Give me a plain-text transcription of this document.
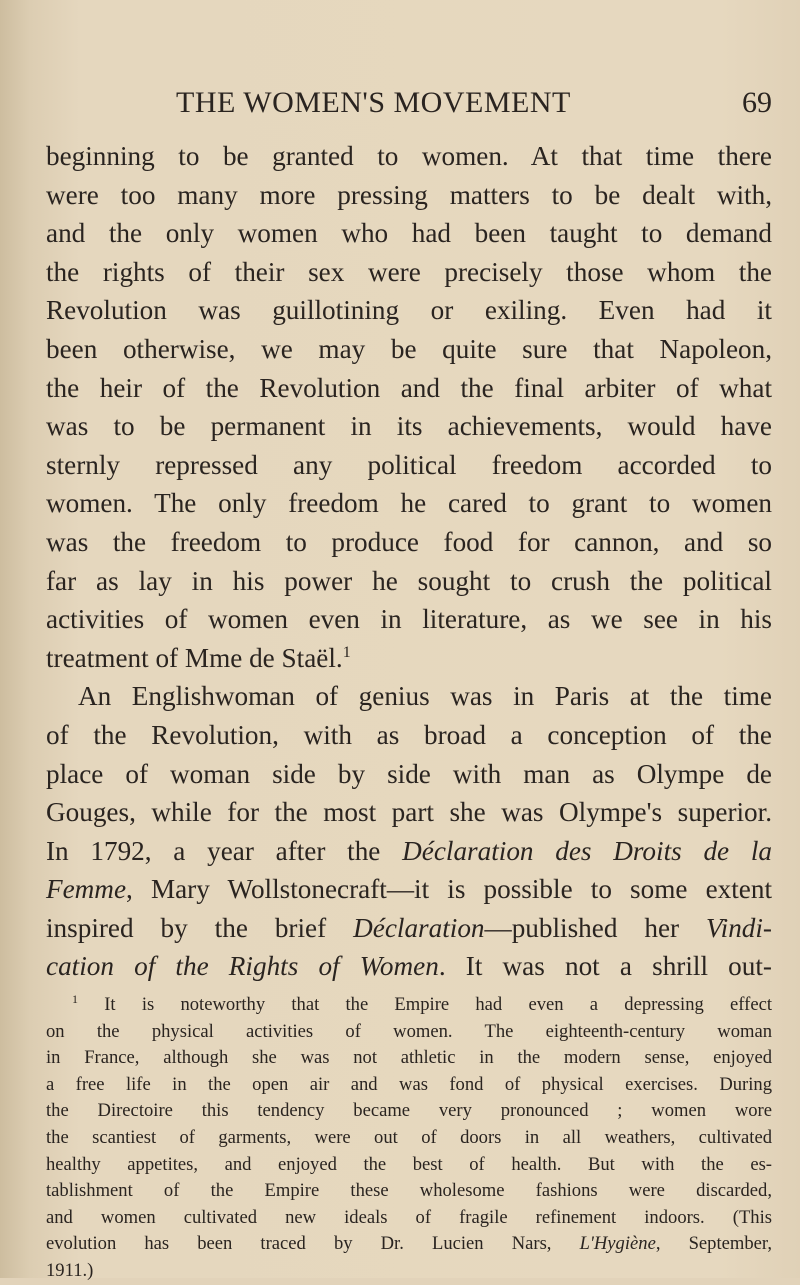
THE WOMEN'S MOVEMENT	69
beginning to be granted to women. At that time there
were too many more pressing matters to be dealt with,
and the only women who had been taught to demand
the rights of their sex were precisely those whom the
Revolution was guillotining or exiling. Even had it
been otherwise, we may be quite sure that Napoleon,
the heir of the Revolution and the final arbiter of what
was to be permanent in its achievements, would have
sternly repressed any political freedom accorded to
women. The only freedom he cared to grant to women
was the freedom to produce food for cannon, and so
far as lay in his power he sought to crush the political
activities of women even in literature, as we see in his
treatment of Mme de Staël.$^1$
An Englishwoman of genius was in Paris at the time
of the Revolution, with as broad a conception of the
place of woman side by side with man as Olympe de
Gouges, while for the most part she was Olympe's superior.
In 1792, a year after the Déclaration des Droits de la
Femme, Mary Wollstonecraft—it is possible to some extent
inspired by the brief Déclaration—published her Vindi-
cation of the Rights of Women. It was not a shrill out-
$^1$ It is noteworthy that the Empire had even a depressing effect
on the physical activities of women. The eighteenth-century woman
in France, although she was not athletic in the modern sense, enjoyed
a free life in the open air and was fond of physical exercises. During
the Directoire this tendency became very pronounced ; women wore
the scantiest of garments, were out of doors in all weathers, cultivated
healthy appetites, and enjoyed the best of health. But with the es-
tablishment of the Empire these wholesome fashions were discarded,
and women cultivated new ideals of fragile refinement indoors. (This
evolution has been traced by Dr. Lucien Nars, L'Hygiène, September,
1911.)
